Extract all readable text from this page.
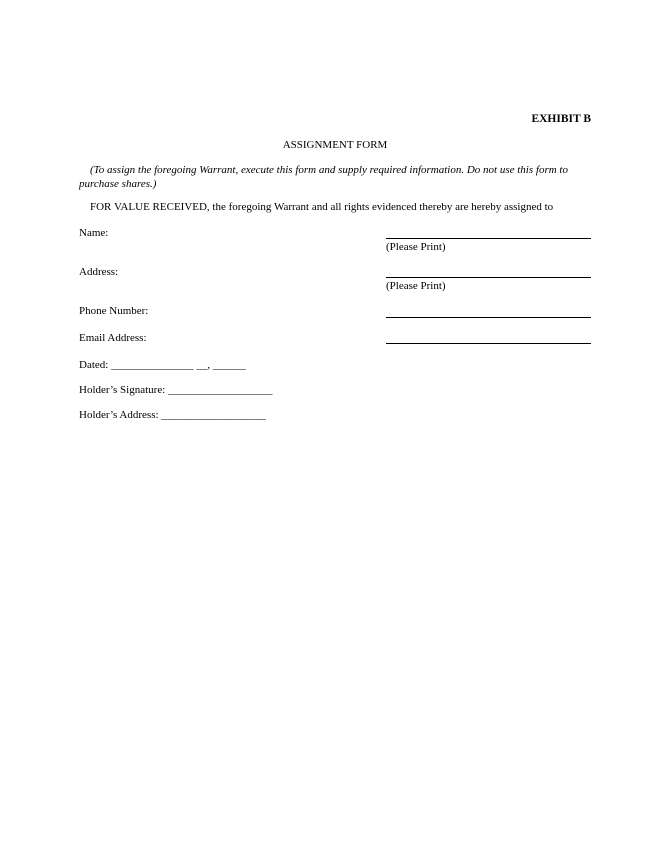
EXHIBIT B
ASSIGNMENT FORM
(To assign the foregoing Warrant, execute this form and supply required information. Do not use this form to purchase shares.)
FOR VALUE RECEIVED, the foregoing Warrant and all rights evidenced thereby are hereby assigned to
Name:
(Please Print)
Address:
(Please Print)
Phone Number:
Email Address:
Dated: _______________ __, ______
Holder’s Signature: ___________________
Holder’s Address: ___________________
